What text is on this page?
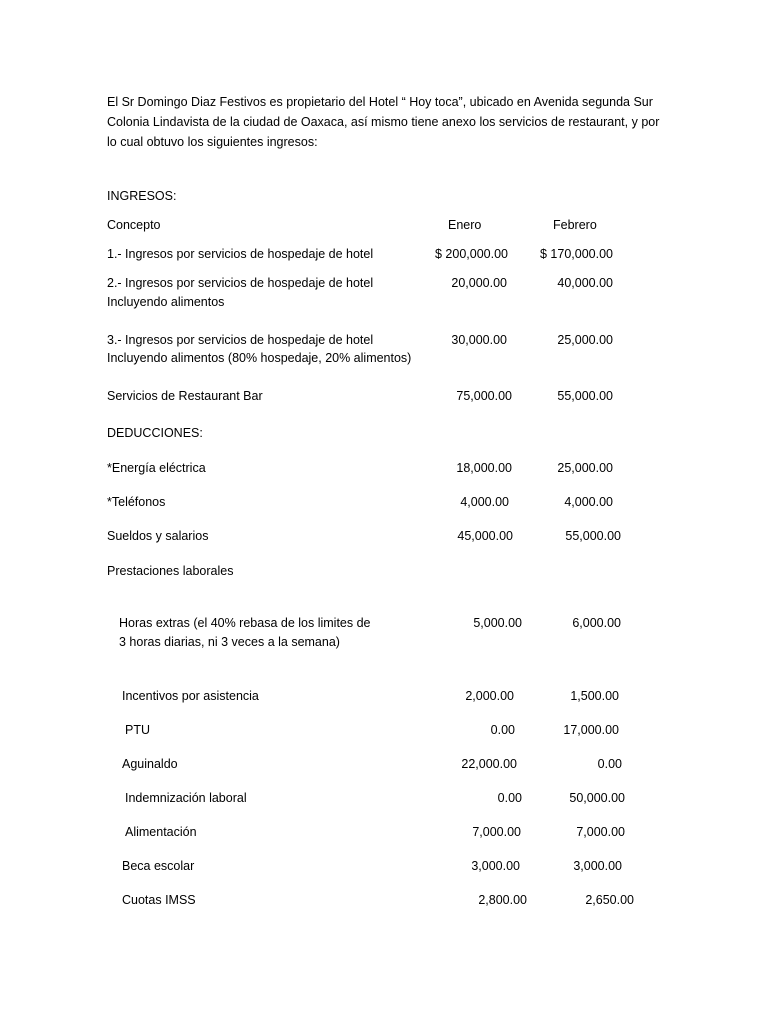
El Sr Domingo Diaz Festivos es propietario del Hotel “ Hoy toca”, ubicado en Avenida segunda Sur Colonia Lindavista de la ciudad de Oaxaca, así mismo tiene anexo los servicios de restaurant, y por lo cual obtuvo los siguientes ingresos:
INGRESOS:
Concepto	Enero	Febrero
1.- Ingresos por servicios de hospedaje de hotel	$ 200,000.00	$ 170,000.00
2.- Ingresos por servicios de hospedaje de hotel
Incluyendo alimentos
20,000.00	40,000.00
3.- Ingresos por servicios de hospedaje de hotel
Incluyendo alimentos (80% hospedaje, 20% alimentos)
30,000.00	25,000.00
Servicios de Restaurant Bar	75,000.00	55,000.00
DEDUCCIONES:
*Energía eléctrica	18,000.00	25,000.00
*Teléfonos	4,000.00	4,000.00
Sueldos y salarios	45,000.00	55,000.00
Prestaciones laborales
Horas extras (el 40% rebasa de los limites de
3 horas diarias, ni 3 veces a la semana)
5,000.00	6,000.00
Incentivos por asistencia	2,000.00	1,500.00
PTU	0.00	17,000.00
Aguinaldo	22,000.00	0.00
Indemnización laboral	0.00	50,000.00
Alimentación	7,000.00	7,000.00
Beca escolar	3,000.00	3,000.00
Cuotas IMSS	2,800.00	2,650.00
